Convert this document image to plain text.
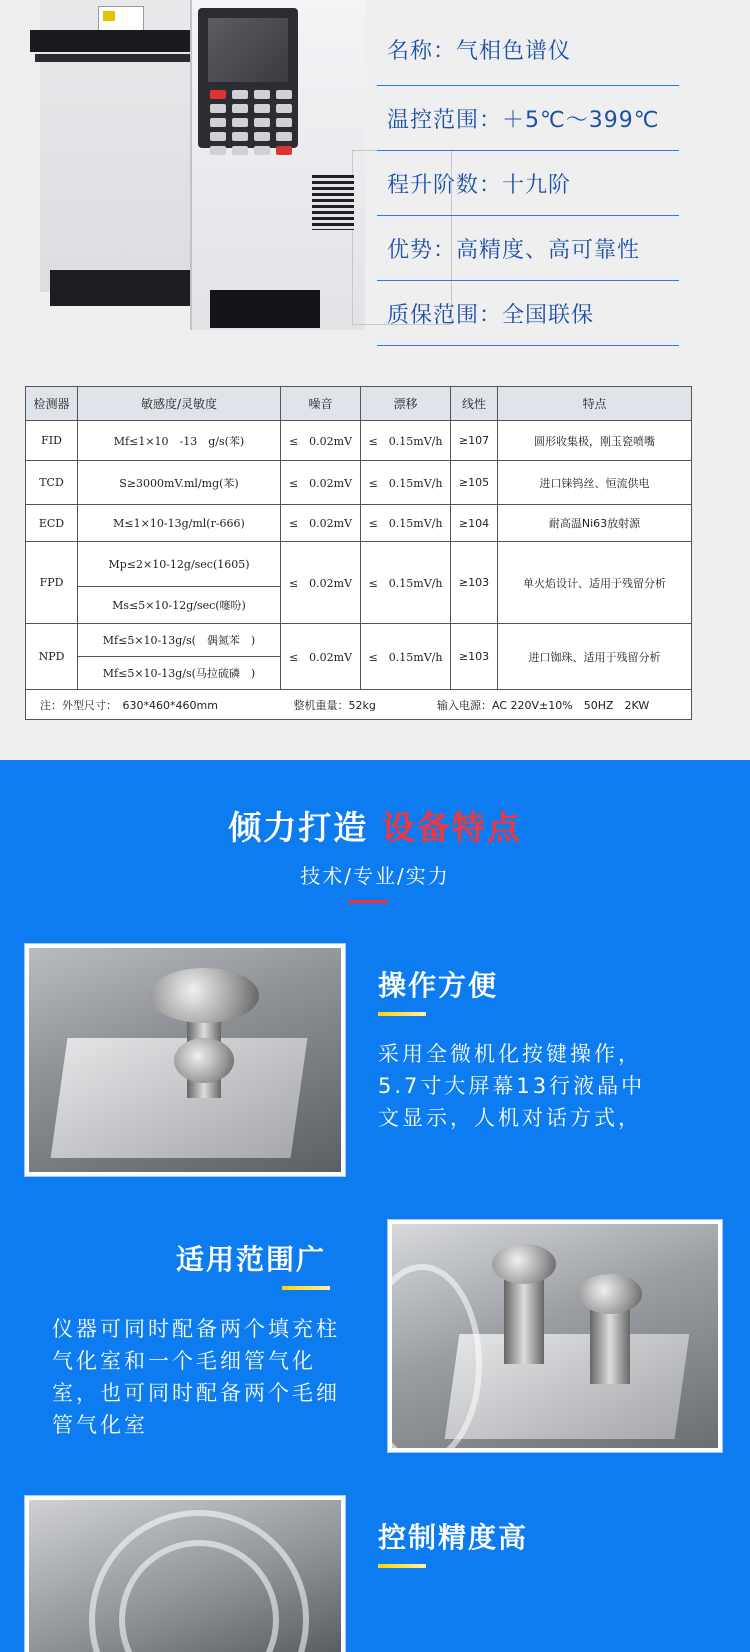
名称：气相色谱仪
温控范围：＋5℃～399℃
程升阶数：十九阶
优势：高精度、高可靠性
质保范围：全国联保
检测器	敏感度/灵敏度	噪音	漂移	线性	特点
FID	Mf≤1×10　-13　g/s(苯)	≤　0.02mV	≤　0.15mV/h	≥107	圆形收集极，刚玉瓷喷嘴
TCD	S≥3000mV.ml/mg(苯)	≤　0.02mV	≤　0.15mV/h	≥105	进口铼钨丝、恒流供电
ECD	M≤1×10-13g/ml(r-666)	≤　0.02mV	≤　0.15mV/h	≥104	耐高温Ni63放射源
FPD	Mp≤2×10-12g/sec(1605)	≤　0.02mV	≤　0.15mV/h	≥103	单火焰设计、适用于残留分析
	Ms≤5×10-12g/sec(噻吩)				
NPD	Mf≤5×10-13g/s(　偶氮苯　)	≤　0.02mV	≤　0.15mV/h	≥103	进口铷珠、适用于残留分析
	Mf≤5×10-13g/s(马拉硫磷　)				
注：外型尺寸：　630*460*460mm 整机重量：52kg 输入电源：AC 220V±10%　50HZ　2KW					
倾力打造 设备特点
技术/专业/实力
操作方便
采用全微机化按键操作，5.7寸大屏幕13行液晶中文显示，人机对话方式，
适用范围广
仪器可同时配备两个填充柱气化室和一个毛细管气化室，也可同时配备两个毛细管气化室
控制精度高
